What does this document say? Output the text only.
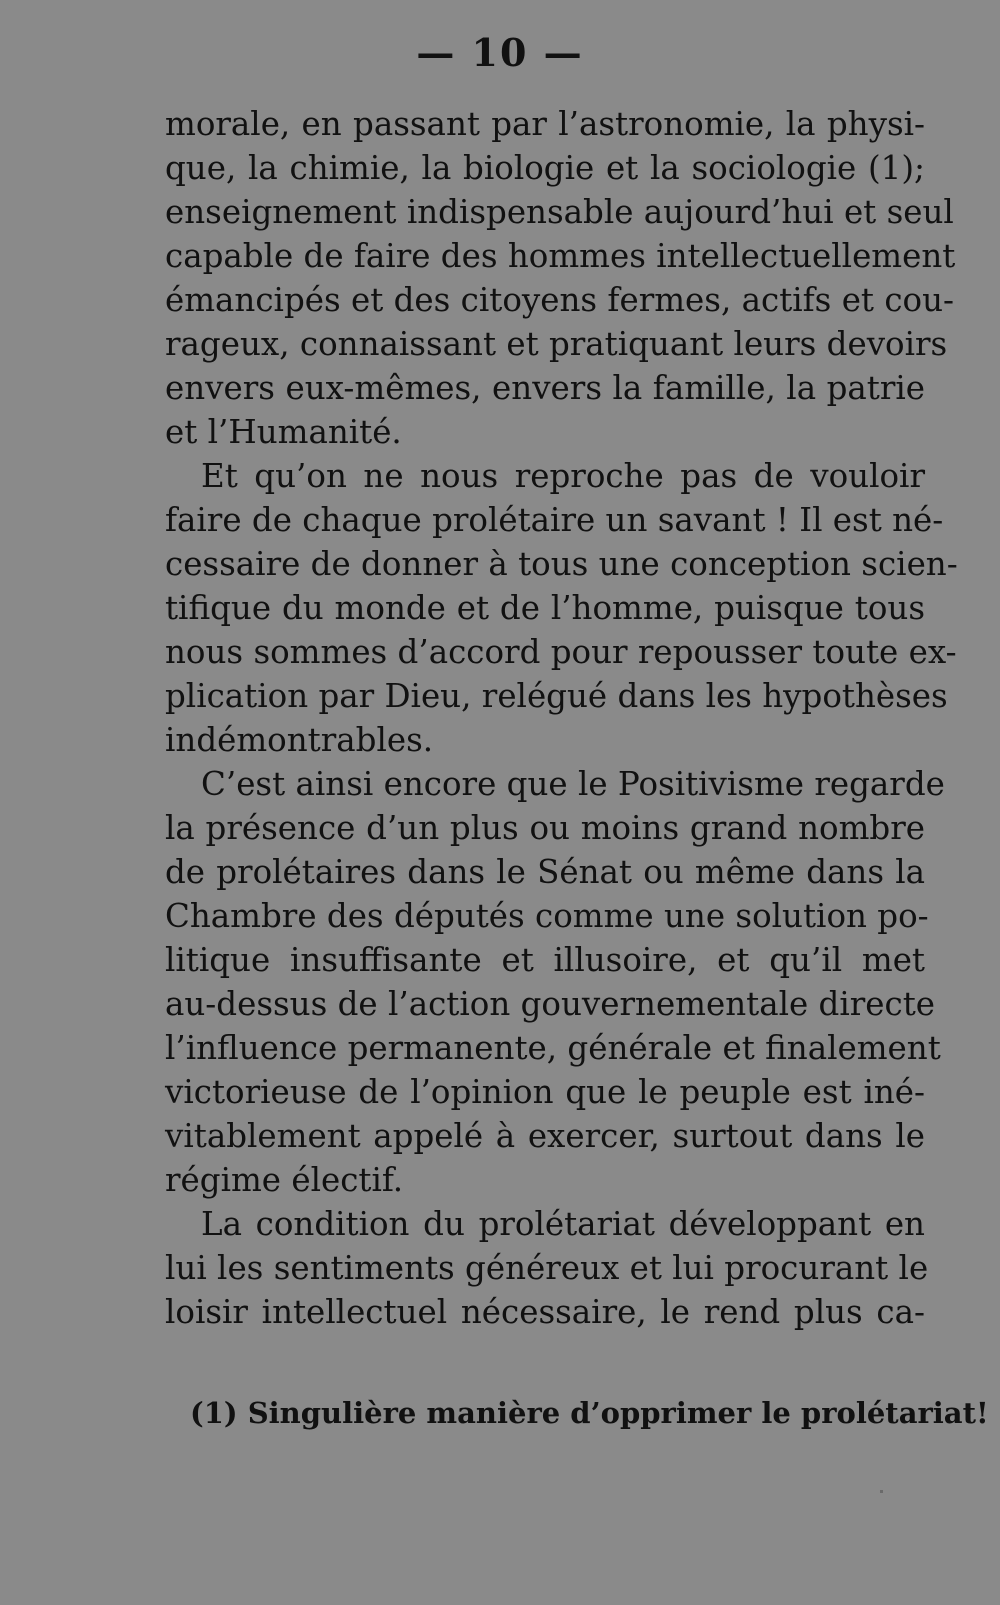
— 10 —
morale, en passant par l’astronomie, la physi-
que, la chimie, la biologie et la sociologie (1);
enseignement indispensable aujourd’hui et seul
capable de faire des hommes intellectuellement
émancipés et des citoyens fermes, actifs et cou-
rageux, connaissant et pratiquant leurs devoirs
envers eux-mêmes, envers la famille, la patrie
et l’Humanité.
Et qu’on ne nous reproche pas de vouloir
faire de chaque prolétaire un savant ! Il est né-
cessaire de donner à tous une conception scien-
tifique du monde et de l’homme, puisque tous
nous sommes d’accord pour repousser toute ex-
plication par Dieu, relégué dans les hypothèses
indémontrables.
C’est ainsi encore que le Positivisme regarde
la présence d’un plus ou moins grand nombre
de prolétaires dans le Sénat ou même dans la
Chambre des députés comme une solution po-
litique insuffisante et illusoire, et qu’il met
au-dessus de l’action gouvernementale directe
l’influence permanente, générale et finalement
victorieuse de l’opinion que le peuple est iné-
vitablement appelé à exercer, surtout dans le
régime électif.
La condition du prolétariat développant en
lui les sentiments généreux et lui procurant le
loisir intellectuel nécessaire, le rend plus ca-
(1) Singulière manière d’opprimer le prolétariat!
